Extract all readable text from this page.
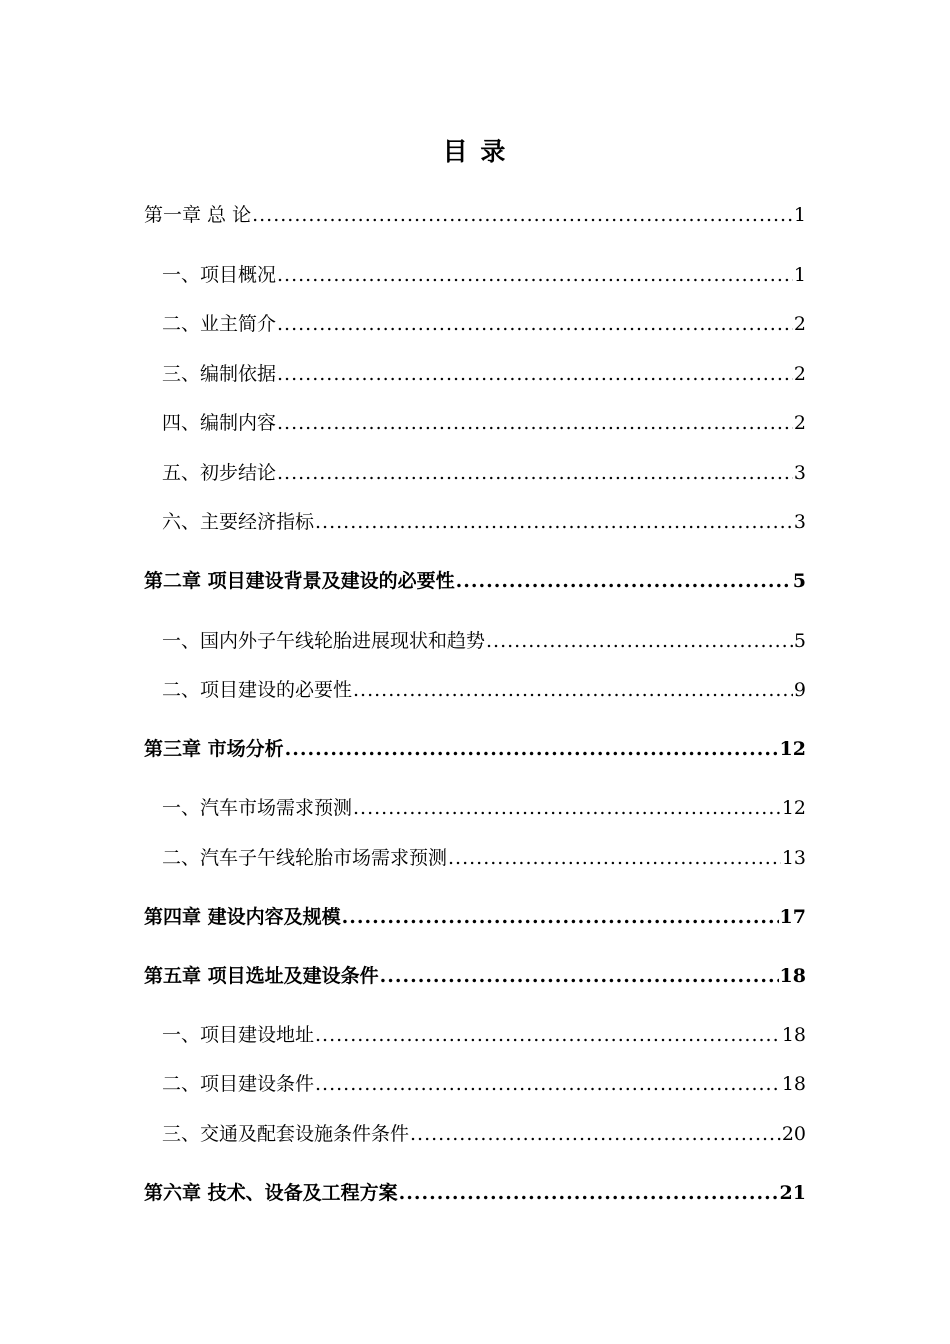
目 录
第一章 总 论 .....	1
一、项目概况 .....	1
二、业主简介 .....	2
三、编制依据 .....	2
四、编制内容 .....	2
五、初步结论 .....	3
六、主要经济指标 .....	3
第二章 项目建设背景及建设的必要性 .....	5
一、国内外子午线轮胎进展现状和趋势 .....	5
二、项目建设的必要性 .....	9
第三章 市场分析 .....	12
一、汽车市场需求预测 .....	12
二、汽车子午线轮胎市场需求预测 .....	13
第四章 建设内容及规模 .....	17
第五章 项目选址及建设条件 .....	18
一、项目建设地址 .....	18
二、项目建设条件 .....	18
三、交通及配套设施条件条件 .....	20
第六章 技术、设备及工程方案 .....	21
